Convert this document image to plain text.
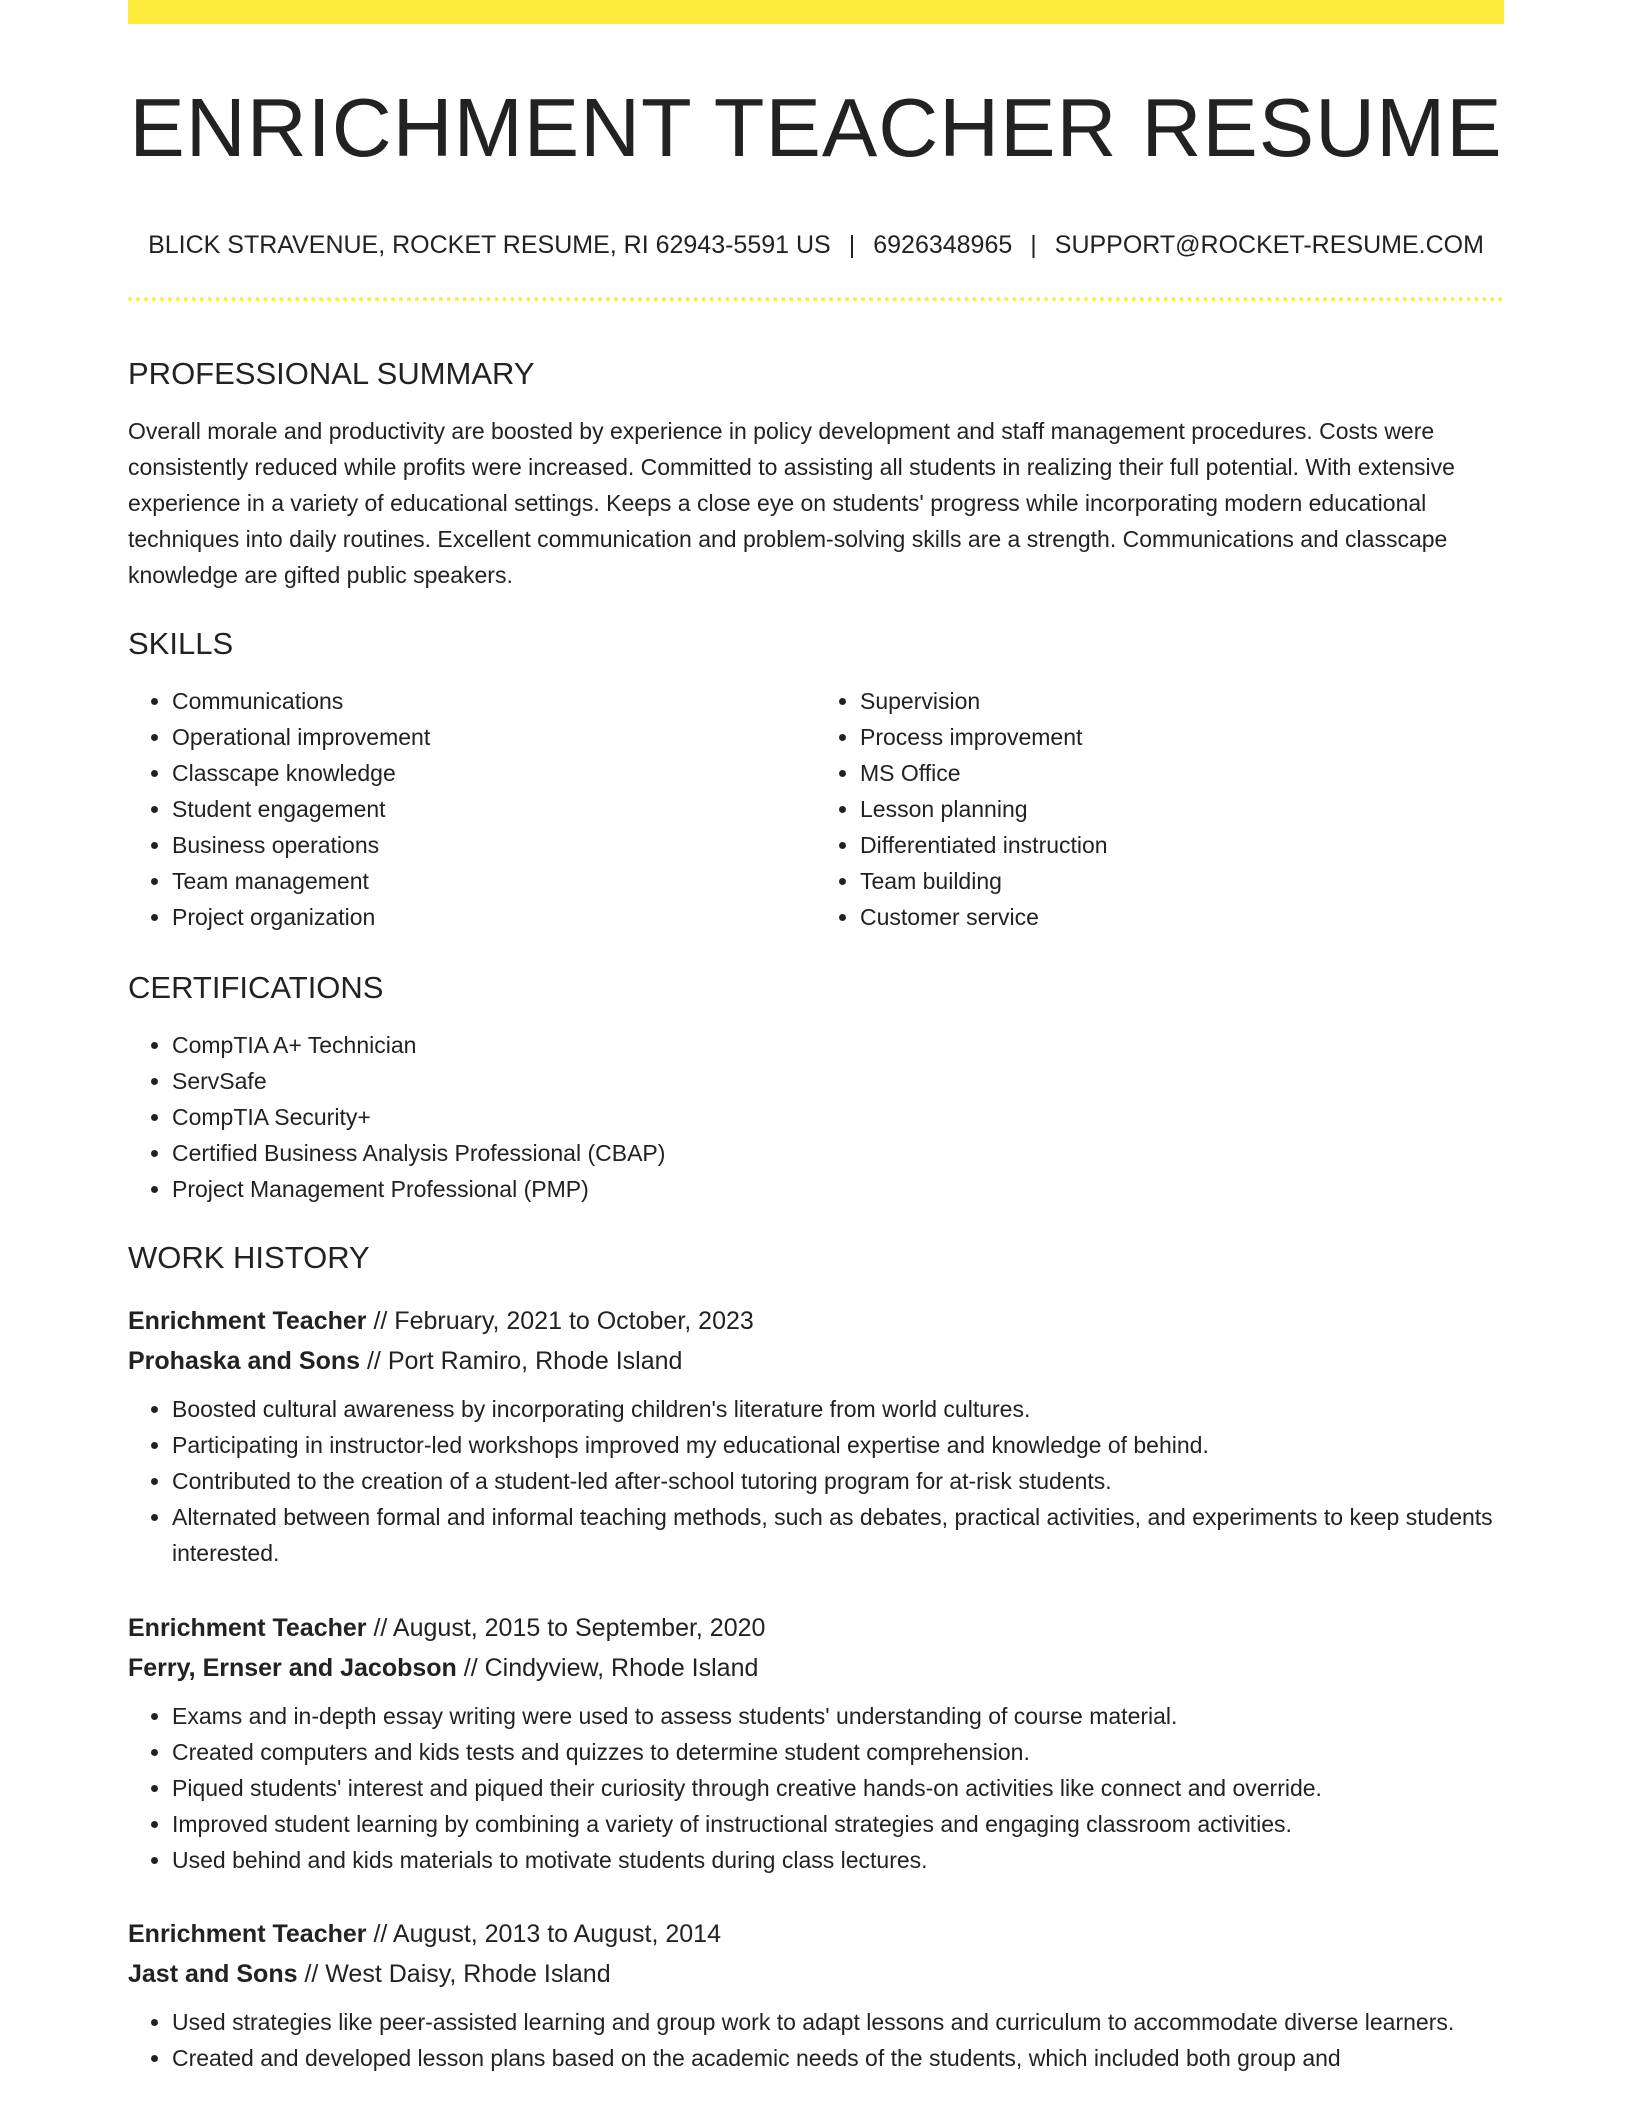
ENRICHMENT TEACHER RESUME
BLICK STRAVENUE, ROCKET RESUME, RI 62943-5591 US | 6926348965 | SUPPORT@ROCKET-RESUME.COM
PROFESSIONAL SUMMARY

Overall morale and productivity are boosted by experience in policy development and staff management procedures. Costs were consistently reduced while profits were increased. Committed to assisting all students in realizing their full potential. With extensive experience in a variety of educational settings. Keeps a close eye on students' progress while incorporating modern educational techniques into daily routines. Excellent communication and problem-solving skills are a strength. Communications and classcape knowledge are gifted public speakers.

SKILLS
• Communications
• Operational improvement
• Classcape knowledge
• Student engagement
• Business operations
• Team management
• Project organization
• Supervision
• Process improvement
• MS Office
• Lesson planning
• Differentiated instruction
• Team building
• Customer service
CERTIFICATIONS
• CompTIA A+ Technician
• ServSafe
• CompTIA Security+
• Certified Business Analysis Professional (CBAP)
• Project Management Professional (PMP)
WORK HISTORY
Enrichment Teacher // February, 2021 to October, 2023
Prohaska and Sons // Port Ramiro, Rhode Island
• Boosted cultural awareness by incorporating children's literature from world cultures.
• Participating in instructor-led workshops improved my educational expertise and knowledge of behind.
• Contributed to the creation of a student-led after-school tutoring program for at-risk students.
• Alternated between formal and informal teaching methods, such as debates, practical activities, and experiments to keep students interested.
Enrichment Teacher // August, 2015 to September, 2020
Ferry, Ernser and Jacobson // Cindyview, Rhode Island
• Exams and in-depth essay writing were used to assess students' understanding of course material.
• Created computers and kids tests and quizzes to determine student comprehension.
• Piqued students' interest and piqued their curiosity through creative hands-on activities like connect and override.
• Improved student learning by combining a variety of instructional strategies and engaging classroom activities.
• Used behind and kids materials to motivate students during class lectures.
Enrichment Teacher // August, 2013 to August, 2014
Jast and Sons // West Daisy, Rhode Island
• Used strategies like peer-assisted learning and group work to adapt lessons and curriculum to accommodate diverse learners.
• Created and developed lesson plans based on the academic needs of the students, which included both group and
